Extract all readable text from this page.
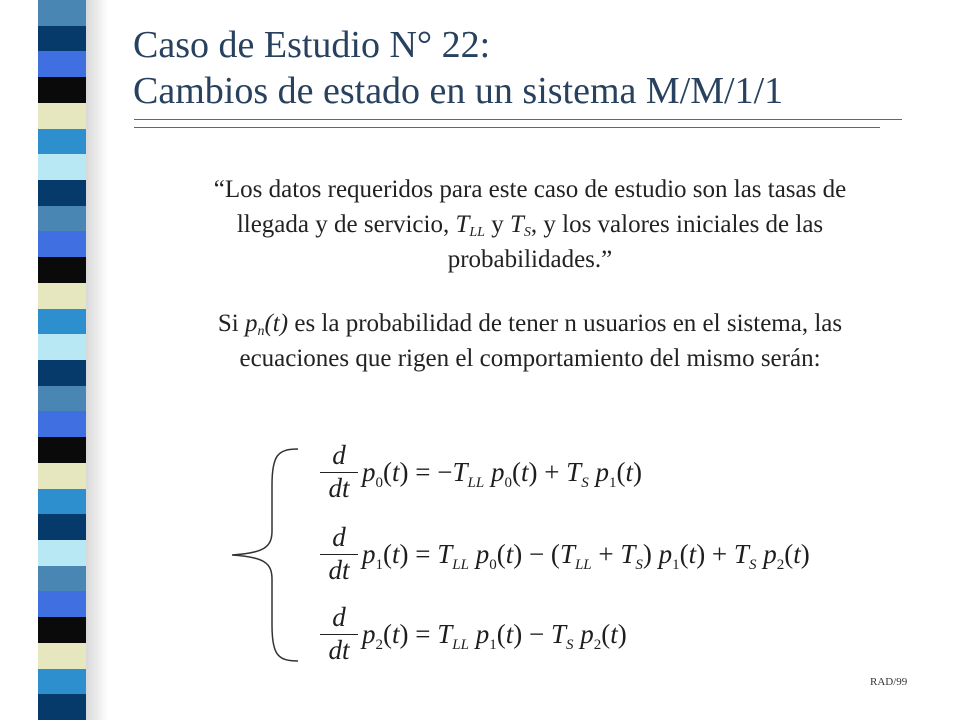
Caso de Estudio N° 22:
Cambios de estado en un sistema M/M/1/1

“Los datos requeridos para este caso de estudio son las tasas de llegada y de servicio, $T_{LL}$ y $T_S$, y los valores iniciales de las probabilidades.”

Si $p_n(t)$ es la probabilidad de tener n usuarios en el sistema, las ecuaciones que rigen el comportamiento del mismo serán:

d
dt
$p_0(t) = -T_{LL}$ $p_0(t) + T_S$ $p_1(t)$
d
dt
$p_1(t) = T_{LL}$ $p_0(t) - (T_{LL} + T_S) p_1(t) + T_S$ $p_2(t)$
d
dt
$p_2(t) = T_{LL}$ $p_1(t) - T_S$ $p_2(t)$
RAD/99
